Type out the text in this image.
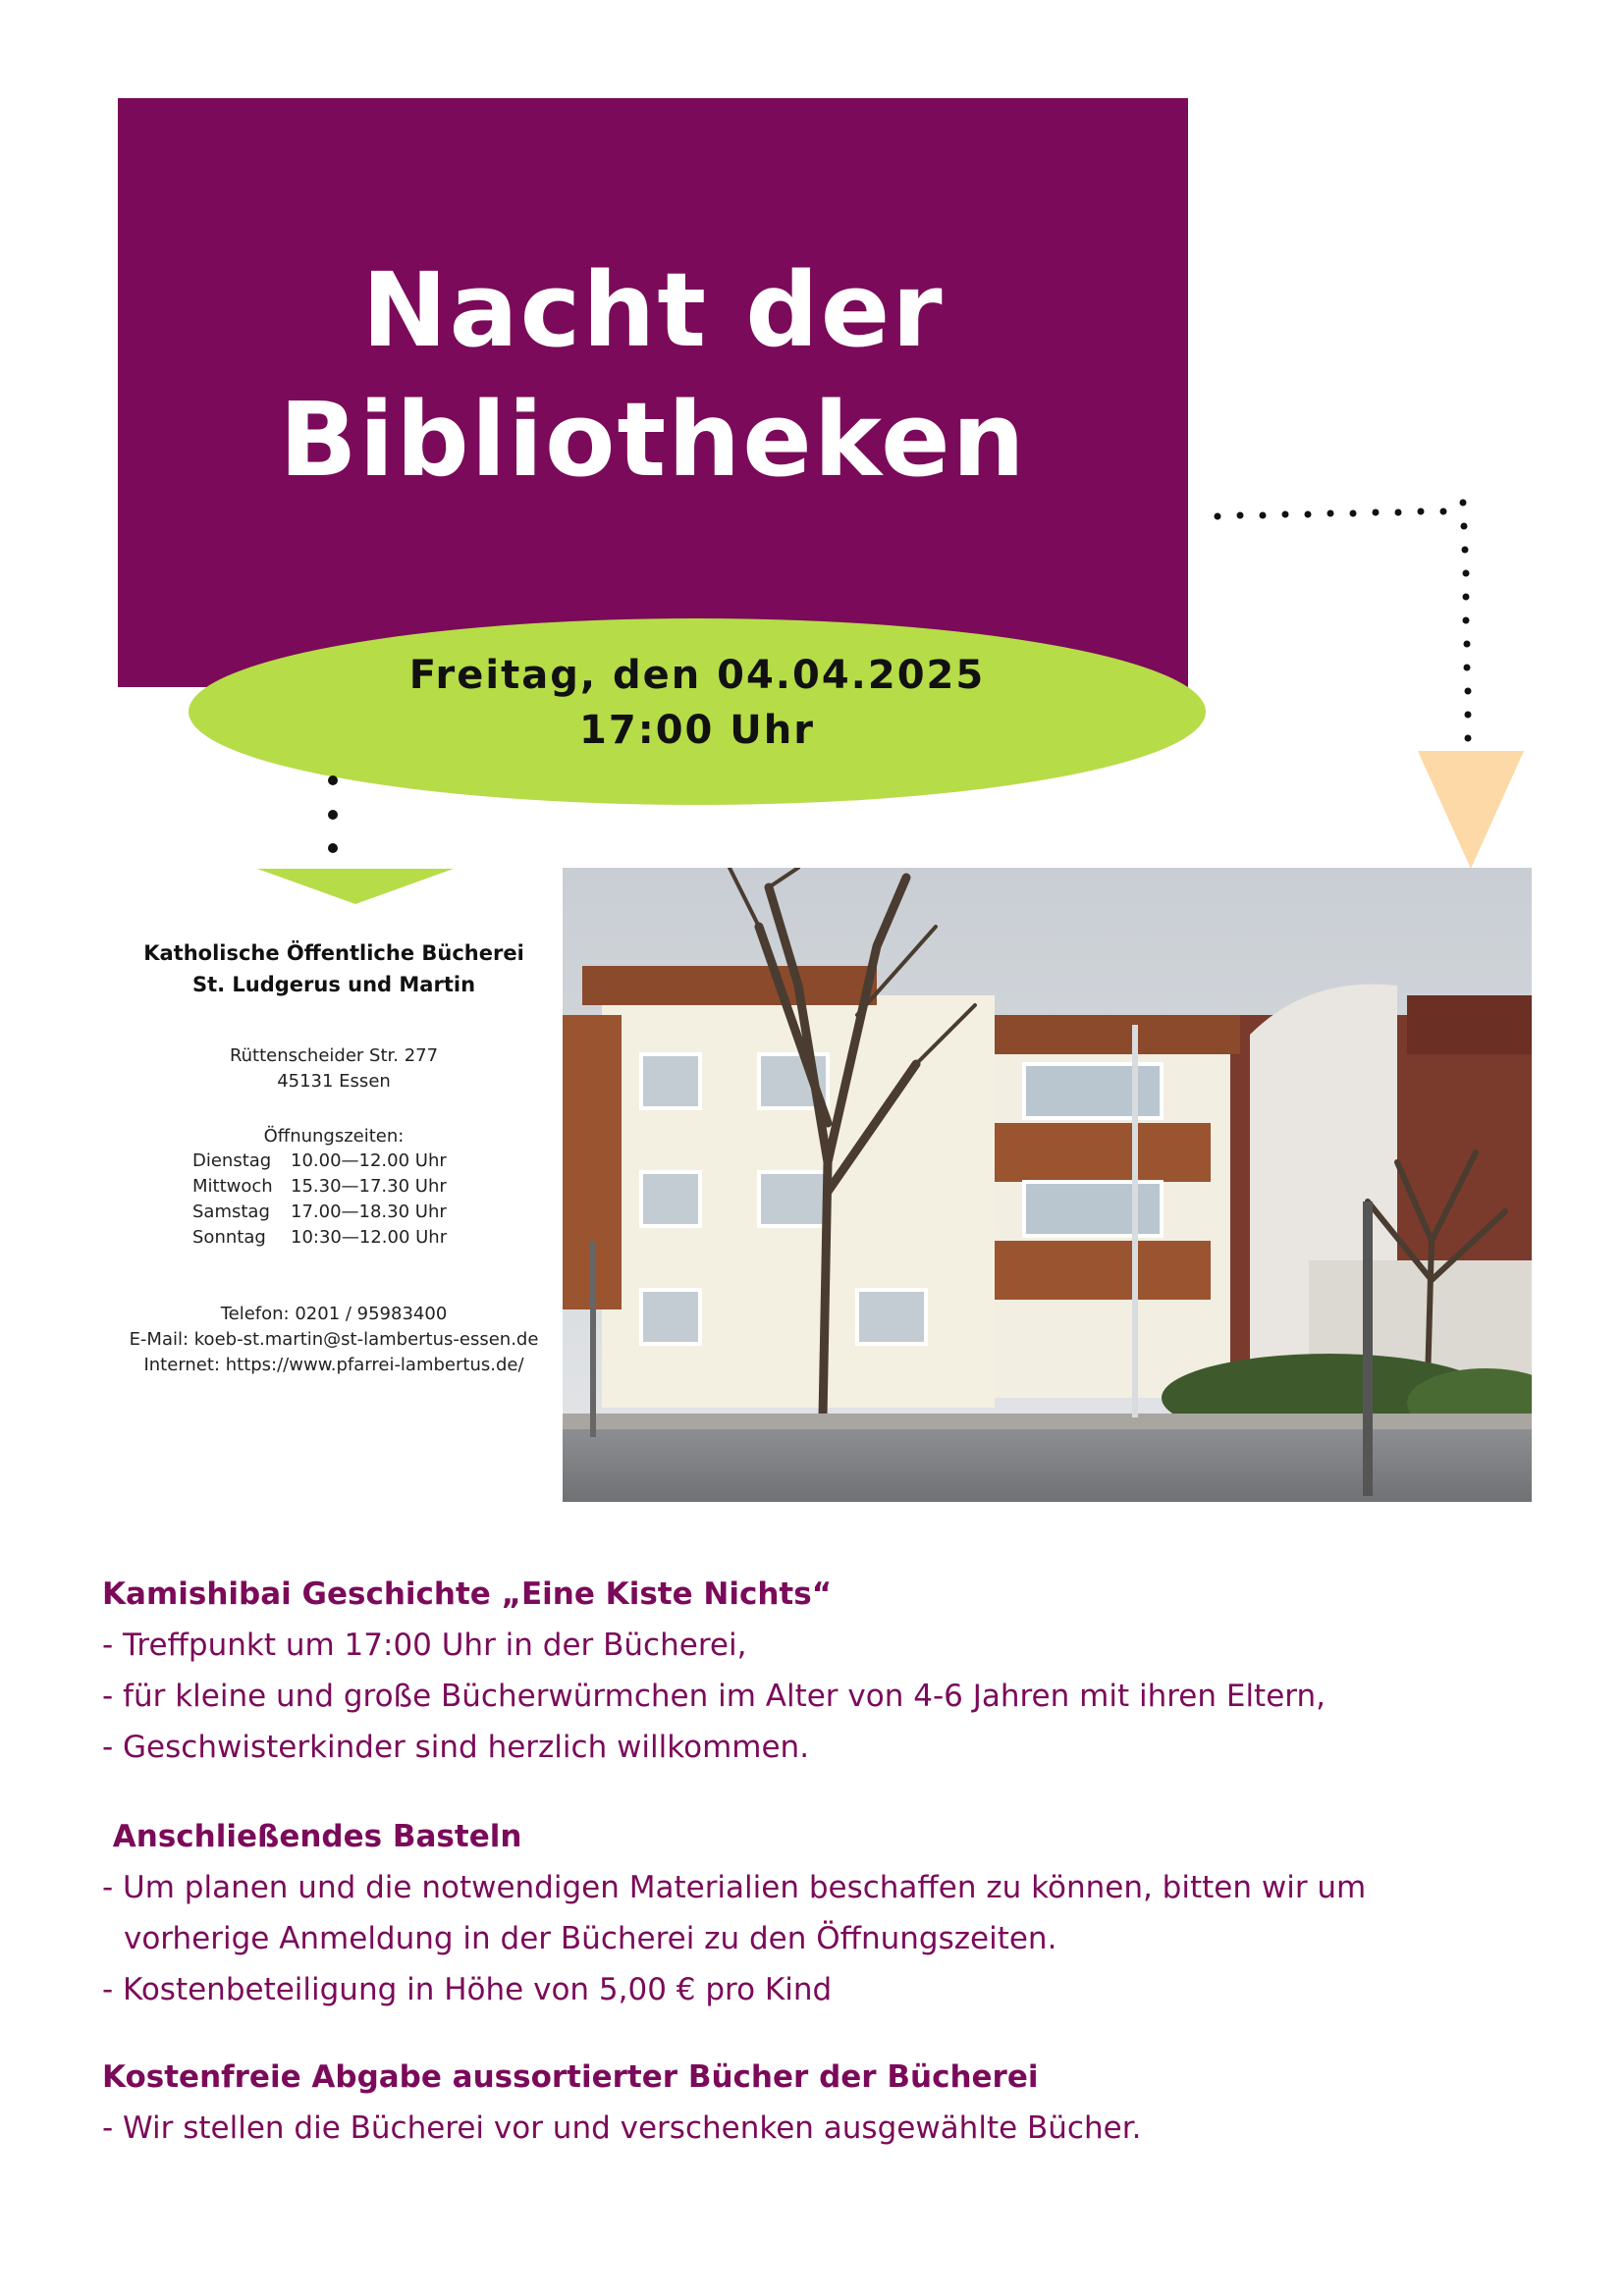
Nacht der
Bibliotheken
Freitag, den 04.04.2025
17:00 Uhr
Katholische Öffentliche Bücherei
St. Ludgerus und Martin
Rüttenscheider Str. 277
45131 Essen
Öffnungszeiten:
Dienstag	10.00—12.00 Uhr
Mittwoch	15.30—17.30 Uhr
Samstag	17.00—18.30 Uhr
Sonntag	10:30—12.00 Uhr
Telefon: 0201 / 95983400
E-Mail: koeb-st.martin@st-lambertus-essen.de
Internet: https://www.pfarrei-lambertus.de/
Kamishibai Geschichte „Eine Kiste Nichts“
- Treffpunkt um 17:00 Uhr in der Bücherei,
- für kleine und große Bücherwürmchen im Alter von 4-6 Jahren mit ihren Eltern,
- Geschwisterkinder sind herzlich willkommen.
Anschließendes Basteln
- Um planen und die notwendigen Materialien beschaffen zu können, bitten wir um
vorherige Anmeldung in der Bücherei zu den Öffnungszeiten.
- Kostenbeteiligung in Höhe von 5,00 € pro Kind
Kostenfreie Abgabe aussortierter Bücher der Bücherei
- Wir stellen die Bücherei vor und verschenken ausgewählte Bücher.
